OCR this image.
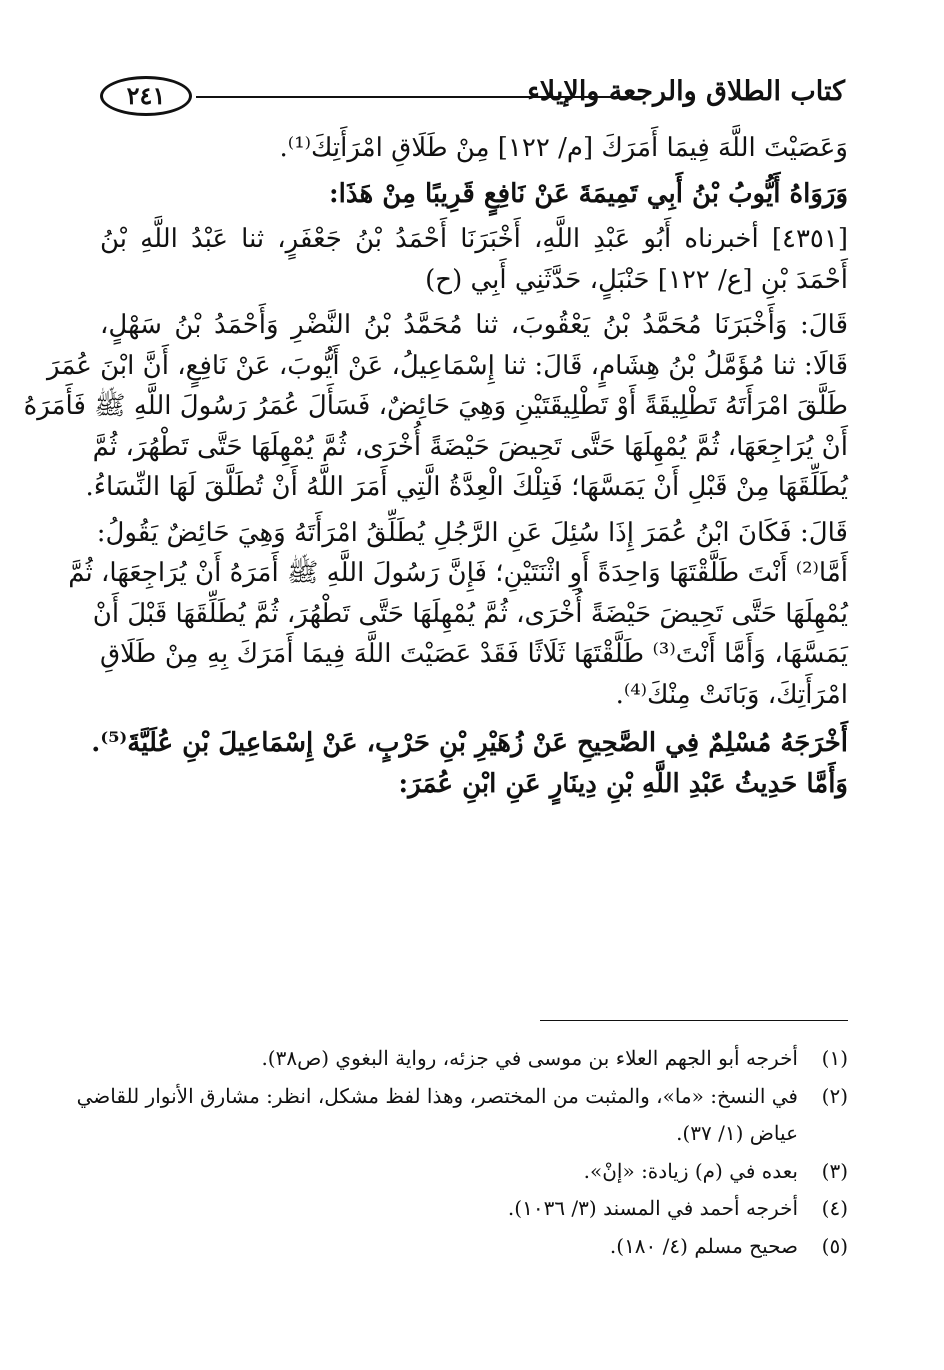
٢٤١	كتاب الطلاق والرجعة والإيلاء
وَعَصَيْتَ اللَّهَ فِيمَا أَمَرَكَ [م/ ١٢٢] مِنْ طَلَاقِ امْرَأَتِكَ⁽¹⁾.
وَرَوَاهُ أَيُّوبُ بْنُ أَبِي تَمِيمَةَ عَنْ نَافِعٍ قَرِيبًا مِنْ هَذَا:
[٤٣٥١] أخبرناه أَبُو عَبْدِ اللَّهِ، أَخْبَرَنَا أَحْمَدُ بْنُ جَعْفَرٍ، ثنا عَبْدُ اللَّهِ بْنُ
أَحْمَدَ بْنِ [ع/ ١٢٢] حَنْبَلٍ، حَدَّثَنِي أَبِي (ح)
قَالَ: وَأَخْبَرَنَا مُحَمَّدُ بْنُ يَعْقُوبَ، ثنا مُحَمَّدُ بْنُ النَّضْرِ وَأَحْمَدُ بْنُ سَهْلٍ،
قَالَا: ثنا مُؤَمَّلُ بْنُ هِشَامٍ، قَالَ: ثنا إِسْمَاعِيلُ، عَنْ أَيُّوبَ، عَنْ نَافِعٍ، أَنَّ ابْنَ عُمَرَ
طَلَّقَ امْرَأَتَهُ تَطْلِيقَةً أَوْ تَطْلِيقَتَيْنِ وَهِيَ حَائِضٌ، فَسَأَلَ عُمَرُ رَسُولَ اللَّهِ ﷺ فَأَمَرَهُ
أَنْ يُرَاجِعَهَا، ثُمَّ يُمْهِلَهَا حَتَّى تَحِيضَ حَيْضَةً أُخْرَى، ثُمَّ يُمْهِلَهَا حَتَّى تَطْهُرَ، ثُمَّ
يُطَلِّقَهَا مِنْ قَبْلِ أَنْ يَمَسَّهَا؛ فَتِلْكَ الْعِدَّةُ الَّتِي أَمَرَ اللَّهُ أَنْ تُطَلَّقَ لَهَا النِّسَاءُ.
قَالَ: فَكَانَ ابْنُ عُمَرَ إِذَا سُئِلَ عَنِ الرَّجُلِ يُطَلِّقُ امْرَأَتَهُ وَهِيَ حَائِضٌ يَقُولُ:
أَمَّا⁽²⁾ أَنْتَ طَلَّقْتَهَا وَاحِدَةً أَوِ اثْنَتَيْنِ؛ فَإِنَّ رَسُولَ اللَّهِ ﷺ أَمَرَهُ أَنْ يُرَاجِعَهَا، ثُمَّ
يُمْهِلَهَا حَتَّى تَحِيضَ حَيْضَةً أُخْرَى، ثُمَّ يُمْهِلَهَا حَتَّى تَطْهُرَ، ثُمَّ يُطَلِّقَهَا قَبْلَ أَنْ
يَمَسَّهَا، وَأَمَّا أَنْتَ⁽³⁾ طَلَّقْتَهَا ثَلَاثًا فَقَدْ عَصَيْتَ اللَّهَ فِيمَا أَمَرَكَ بِهِ مِنْ طَلَاقِ
امْرَأَتِكَ، وَبَانَتْ مِنْكَ⁽⁴⁾.
أَخْرَجَهُ مُسْلِمٌ فِي الصَّحِيحِ عَنْ زُهَيْرِ بْنِ حَرْبٍ، عَنْ إِسْمَاعِيلَ بْنِ عُلَيَّةَ⁽⁵⁾.
وَأَمَّا حَدِيثُ عَبْدِ اللَّهِ بْنِ دِينَارٍ عَنِ ابْنِ عُمَرَ:
(١)
أخرجه أبو الجهم العلاء بن موسى في جزئه، رواية البغوي (ص٣٨).
(٢)
في النسخ: «ما»، والمثبت من المختصر، وهذا لفظ مشكل، انظر: مشارق الأنوار للقاضي
عياض (١/ ٣٧).
(٣)
بعده في (م) زيادة: «إنْ».
(٤)
أخرجه أحمد في المسند (٣/ ١٠٣٦).
(٥)
صحيح مسلم (٤/ ١٨٠).
